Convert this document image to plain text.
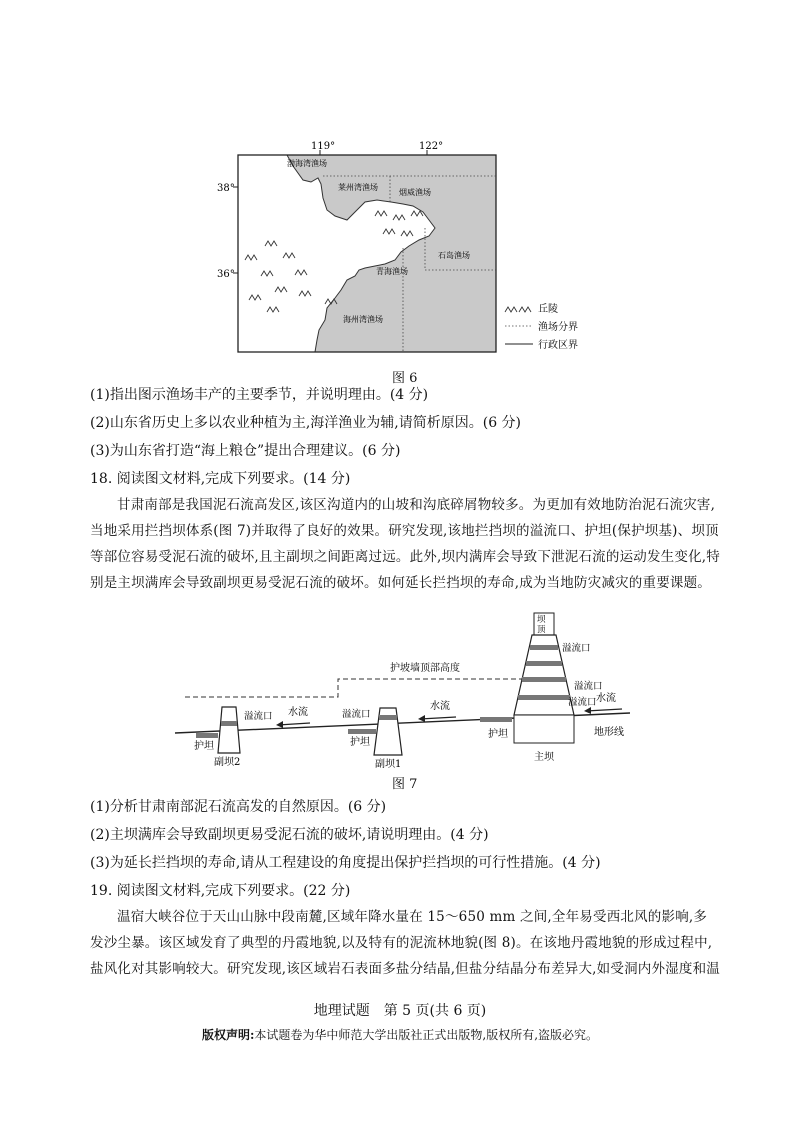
119°	122°
38°
36°
渤海湾渔场
莱州湾渔场
烟威渔场
石岛渔场
青海渔场
海州湾渔场
丘陵
渔场分界
行政区界
图 6
(1)指出图示渔场丰产的主要季节，并说明理由。(4 分)
(2)山东省历史上多以农业种植为主,海洋渔业为辅,请简析原因。(6 分)
(3)为山东省打造“海上粮仓”提出合理建议。(6 分)
18. 阅读图文材料,完成下列要求。(14 分)
甘肃南部是我国泥石流高发区,该区沟道内的山坡和沟底碎屑物较多。为更加有效地防治泥石流灾害,当地采用拦挡坝体系(图 7)并取得了良好的效果。研究发现,该地拦挡坝的溢流口、护坦(保护坝基)、坝顶等部位容易受泥石流的破坏,且主副坝之间距离过远。此外,坝内满库会导致下泄泥石流的运动发生变化,特别是主坝满库会导致副坝更易受泥石流的破坏。如何延长拦挡坝的寿命,成为当地防灾减灾的重要课题。
护坡墙顶部高度
坝
顶
溢流口
溢流口
溢流口
主坝
护坦
溢流口
护坦
副坝1
溢流口
护坦
副坝2
水流
水流
水流
地形线
图 7
(1)分析甘肃南部泥石流高发的自然原因。(6 分)
(2)主坝满库会导致副坝更易受泥石流的破坏,请说明理由。(4 分)
(3)为延长拦挡坝的寿命,请从工程建设的角度提出保护拦挡坝的可行性措施。(4 分)
19. 阅读图文材料,完成下列要求。(22 分)
温宿大峡谷位于天山山脉中段南麓,区域年降水量在 15～650 mm 之间,全年易受西北风的影响,多发沙尘暴。该区域发育了典型的丹霞地貌,以及特有的泥流林地貌(图 8)。在该地丹霞地貌的形成过程中,盐风化对其影响较大。研究发现,该区域岩石表面多盐分结晶,但盐分结晶分布差异大,如受洞内外湿度和温
地理试题　第 5 页(共 6 页)
版权声明:本试题卷为华中师范大学出版社正式出版物,版权所有,盗版必究。
